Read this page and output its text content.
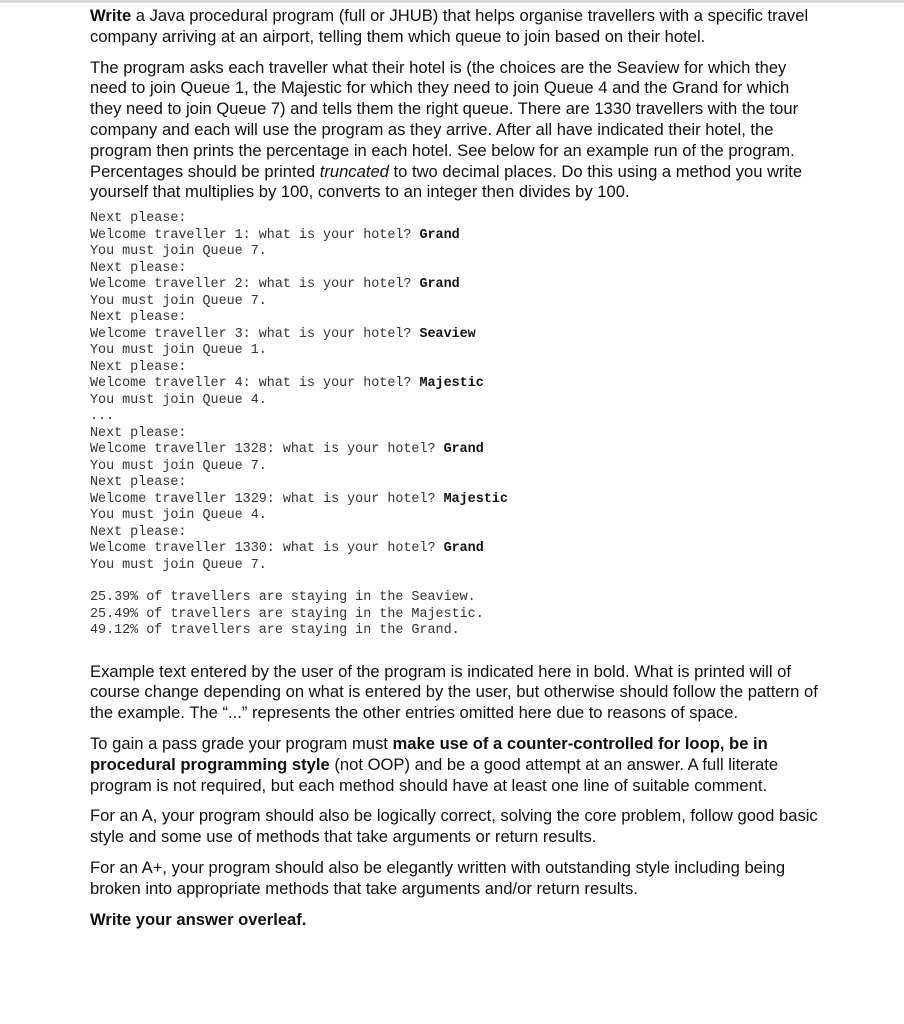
Write a Java procedural program (full or JHUB) that helps organise travellers with a specific travel company arriving at an airport, telling them which queue to join based on their hotel.

The program asks each traveller what their hotel is (the choices are the Seaview for which they need to join Queue 1, the Majestic for which they need to join Queue 4 and the Grand for which they need to join Queue 7) and tells them the right queue. There are 1330 travellers with the tour company and each will use the program as they arrive. After all have indicated their hotel, the program then prints the percentage in each hotel. See below for an example run of the program. Percentages should be printed truncated to two decimal places. Do this using a method you write yourself that multiplies by 100, converts to an integer then divides by 100.

Next please:
Welcome traveller 1: what is your hotel? Grand
You must join Queue 7.
Next please:
Welcome traveller 2: what is your hotel? Grand
You must join Queue 7.
Next please:
Welcome traveller 3: what is your hotel? Seaview
You must join Queue 1.
Next please:
Welcome traveller 4: what is your hotel? Majestic
You must join Queue 4.
...
Next please:
Welcome traveller 1328: what is your hotel? Grand
You must join Queue 7.
Next please:
Welcome traveller 1329: what is your hotel? Majestic
You must join Queue 4.
Next please:
Welcome traveller 1330: what is your hotel? Grand
You must join Queue 7.
25.39% of travellers are staying in the Seaview.
25.49% of travellers are staying in the Majestic.
49.12% of travellers are staying in the Grand.

Example text entered by the user of the program is indicated here in bold. What is printed will of course change depending on what is entered by the user, but otherwise should follow the pattern of the example. The “...” represents the other entries omitted here due to reasons of space.

To gain a pass grade your program must make use of a counter-controlled for loop, be in procedural programming style (not OOP) and be a good attempt at an answer. A full literate program is not required, but each method should have at least one line of suitable comment.

For an A, your program should also be logically correct, solving the core problem, follow good basic style and some use of methods that take arguments or return results.

For an A+, your program should also be elegantly written with outstanding style including being broken into appropriate methods that take arguments and/or return results.

Write your answer overleaf.
